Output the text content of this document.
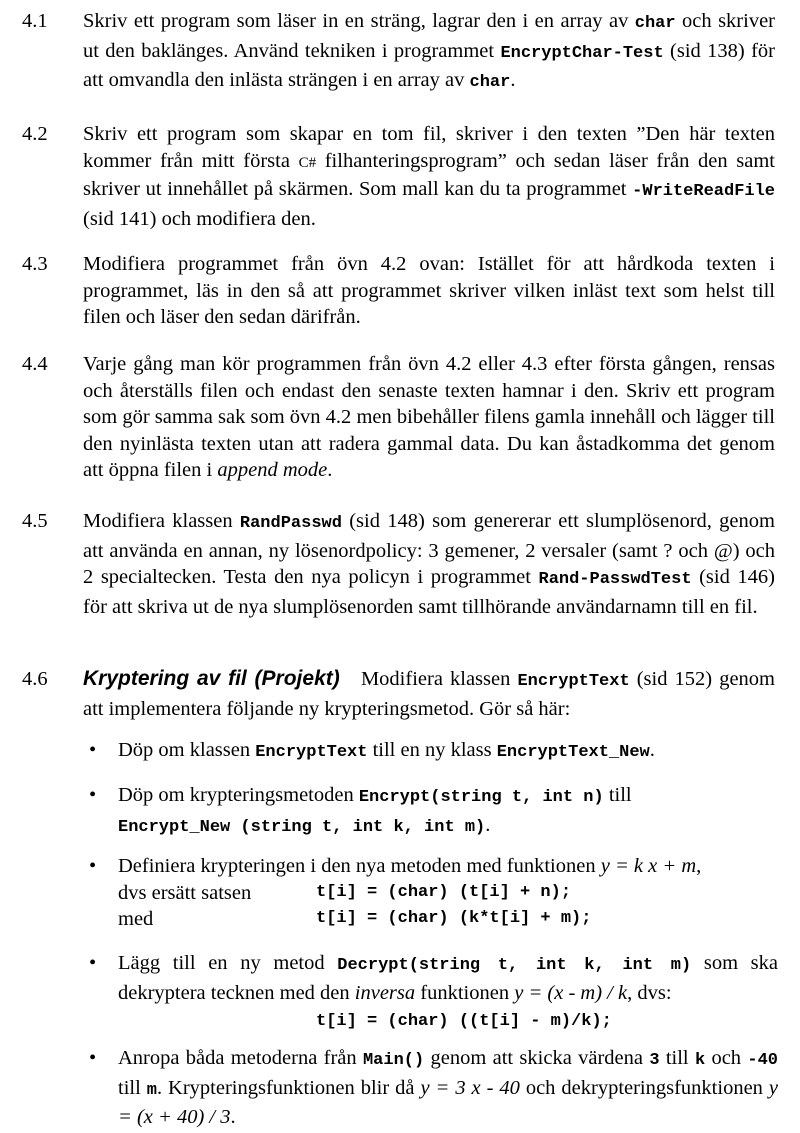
4.1 Skriv ett program som läser in en sträng, lagrar den i en array av char och skriver ut den baklänges. Använd tekniken i programmet EncryptChar-Test (sid 138) för att omvandla den inlästa strängen i en array av char.
4.2 Skriv ett program som skapar en tom fil, skriver i den texten ”Den här texten kommer från mitt första C# filhanteringsprogram” och sedan läser från den samt skriver ut innehållet på skärmen. Som mall kan du ta programmet -WriteReadFile (sid 141) och modifiera den.
4.3 Modifiera programmet från övn 4.2 ovan: Istället för att hårdkoda texten i programmet, läs in den så att programmet skriver vilken inläst text som helst till filen och läser den sedan därifrån.
4.4 Varje gång man kör programmen från övn 4.2 eller 4.3 efter första gången, rensas och återställs filen och endast den senaste texten hamnar i den. Skriv ett program som gör samma sak som övn 4.2 men bibehåller filens gamla innehåll och lägger till den nyinlästa texten utan att radera gammal data. Du kan åstadkomma det genom att öppna filen i append mode.
4.5 Modifiera klassen RandPasswd (sid 148) som genererar ett slumplösenord, genom att använda en annan, ny lösenordpolicy: 3 gemener, 2 versaler (samt ? och @) och 2 specialtecken. Testa den nya policyn i programmet Rand-PasswdTest (sid 146) för att skriva ut de nya slumplösenorden samt tillhörande användarnamn till en fil.
4.6 Kryptering av fil (Projekt)   Modifiera klassen EncryptText (sid 152) genom att implementera följande ny krypteringsmetod. Gör så här:
• Döp om klassen EncryptText till en ny klass EncryptText_New.
• Döp om krypteringsmetoden Encrypt(string t, int n) till
Encrypt_New (string t, int k, int m).
• Definiera krypteringen i den nya metoden med funktionen y = k x + m,
dvs ersätt satsen	t[i] = (char) (t[i] + n);
med	t[i] = (char) (k*t[i] + m);
• Lägg till en ny metod Decrypt(string t, int k, int m) som ska dekryptera tecknen med den inversa funktionen y = (x - m) / k, dvs:
t[i] = (char) ((t[i] - m)/k);
• Anropa båda metoderna från Main() genom att skicka värdena 3 till k och -40 till m. Krypteringsfunktionen blir då y = 3 x - 40 och dekrypteringsfunktionen y = (x + 40) / 3.
